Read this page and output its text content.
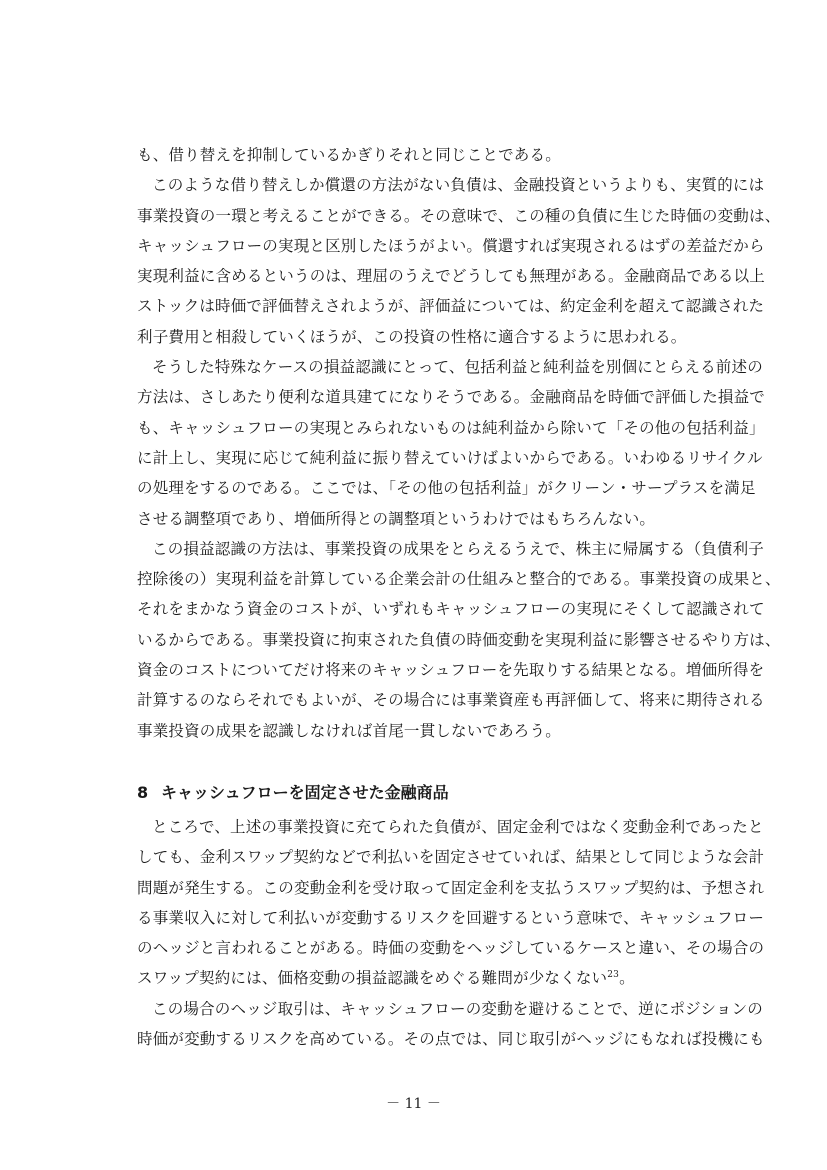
も、借り替えを抑制しているかぎりそれと同じことである。

このような借り替えしか償還の方法がない負債は、金融投資というよりも、実質的には
事業投資の一環と考えることができる。その意味で、この種の負債に生じた時価の変動は、
キャッシュフローの実現と区別したほうがよい。償還すれば実現されるはずの差益だから
実現利益に含めるというのは、理屈のうえでどうしても無理がある。金融商品である以上
ストックは時価で評価替えされようが、評価益については、約定金利を超えて認識された
利子費用と相殺していくほうが、この投資の性格に適合するように思われる。

そうした特殊なケースの損益認識にとって、包括利益と純利益を別個にとらえる前述の
方法は、さしあたり便利な道具建てになりそうである。金融商品を時価で評価した損益で
も、キャッシュフローの実現とみられないものは純利益から除いて「その他の包括利益」
に計上し、実現に応じて純利益に振り替えていけばよいからである。いわゆるリサイクル
の処理をするのである。ここでは、「その他の包括利益」がクリーン・サープラスを満足
させる調整項であり、増価所得との調整項というわけではもちろんない。

この損益認識の方法は、事業投資の成果をとらえるうえで、株主に帰属する（負債利子
控除後の）実現利益を計算している企業会計の仕組みと整合的である。事業投資の成果と、
それをまかなう資金のコストが、いずれもキャッシュフローの実現にそくして認識されて
いるからである。事業投資に拘束された負債の時価変動を実現利益に影響させるやり方は、
資金のコストについてだけ将来のキャッシュフローを先取りする結果となる。増価所得を
計算するのならそれでもよいが、その場合には事業資産も再評価して、将来に期待される
事業投資の成果を認識しなければ首尾一貫しないであろう。

8 キャッシュフローを固定させた金融商品

ところで、上述の事業投資に充てられた負債が、固定金利ではなく変動金利であったと
しても、金利スワップ契約などで利払いを固定させていれば、結果として同じような会計
問題が発生する。この変動金利を受け取って固定金利を支払うスワップ契約は、予想され
る事業収入に対して利払いが変動するリスクを回避するという意味で、キャッシュフロー
のヘッジと言われることがある。時価の変動をヘッジしているケースと違い、その場合の
スワップ契約には、価格変動の損益認識をめぐる難問が少なくない$^{23}$。

この場合のヘッジ取引は、キャッシュフローの変動を避けることで、逆にポジションの
時価が変動するリスクを高めている。その点では、同じ取引がヘッジにもなれば投機にも

－ 11 －
